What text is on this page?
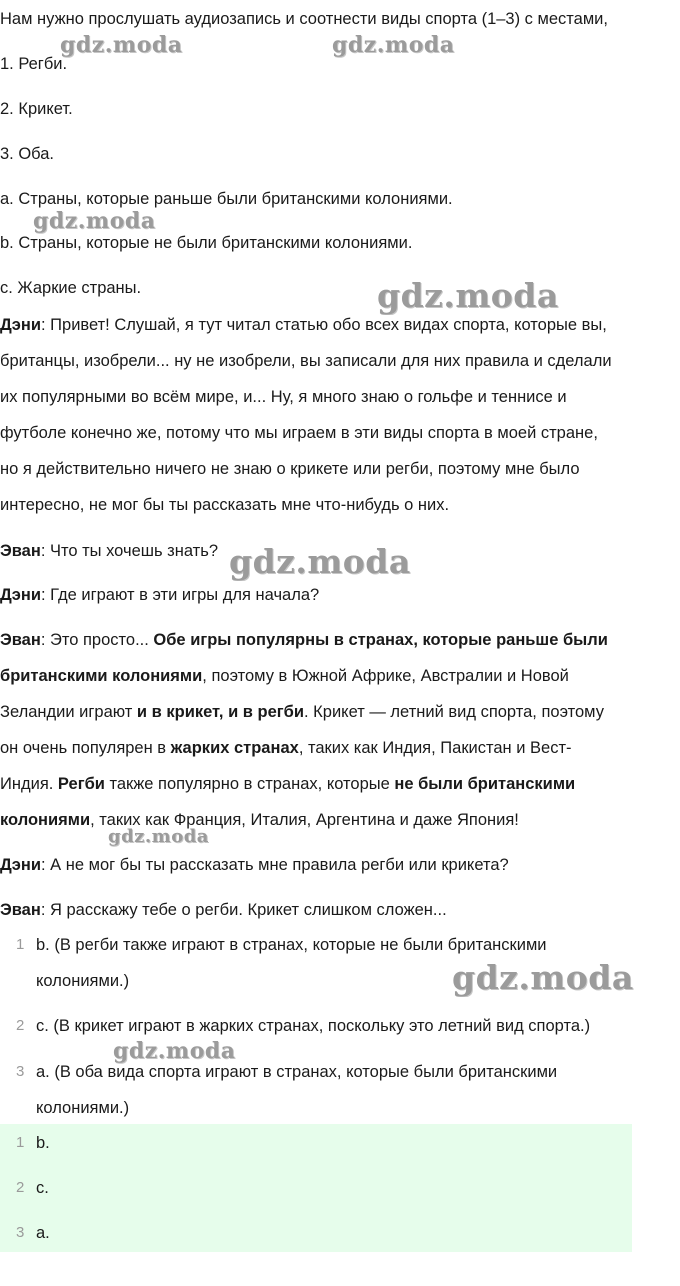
Нам нужно прослушать аудиозапись и соотнести виды спорта (1–3) с местами,
1. Регби.
2. Крикет.
3. Оба.
a. Страны, которые раньше были британскими колониями.
b. Страны, которые не были британскими колониями.
c. Жаркие страны.
Дэни: Привет! Слушай, я тут читал статью обо всех видах спорта, которые вы,
британцы, изобрели... ну не изобрели, вы записали для них правила и сделали
их популярными во всём мире, и... Ну, я много знаю о гольфе и теннисе и
футболе конечно же, потому что мы играем в эти виды спорта в моей стране,
но я действительно ничего не знаю о крикете или регби, поэтому мне было
интересно, не мог бы ты рассказать мне что-нибудь о них.
Эван: Что ты хочешь знать?
Дэни: Где играют в эти игры для начала?
Эван: Это просто... Обе игры популярны в странах, которые раньше были
британскими колониями, поэтому в Южной Африке, Австралии и Новой
Зеландии играют и в крикет, и в регби. Крикет — летний вид спорта, поэтому
он очень популярен в жарких странах, таких как Индия, Пакистан и Вест-
Индия. Регби также популярно в странах, которые не были британскими
колониями, таких как Франция, Италия, Аргентина и даже Япония!
Дэни: А не мог бы ты рассказать мне правила регби или крикета?
Эван: Я расскажу тебе о регби. Крикет слишком сложен...
1 b. (В регби также играют в странах, которые не были британскими
колониями.)
2 c. (В крикет играют в жарких странах, поскольку это летний вид спорта.)
3 a. (В оба вида спорта играют в странах, которые были британскими
колониями.)
1 b.
2 c.
3 a.
gdz.moda	gdz.moda
gdz.moda
gdz.moda
gdz.moda
gdz.moda
gdz.moda
gdz.moda
